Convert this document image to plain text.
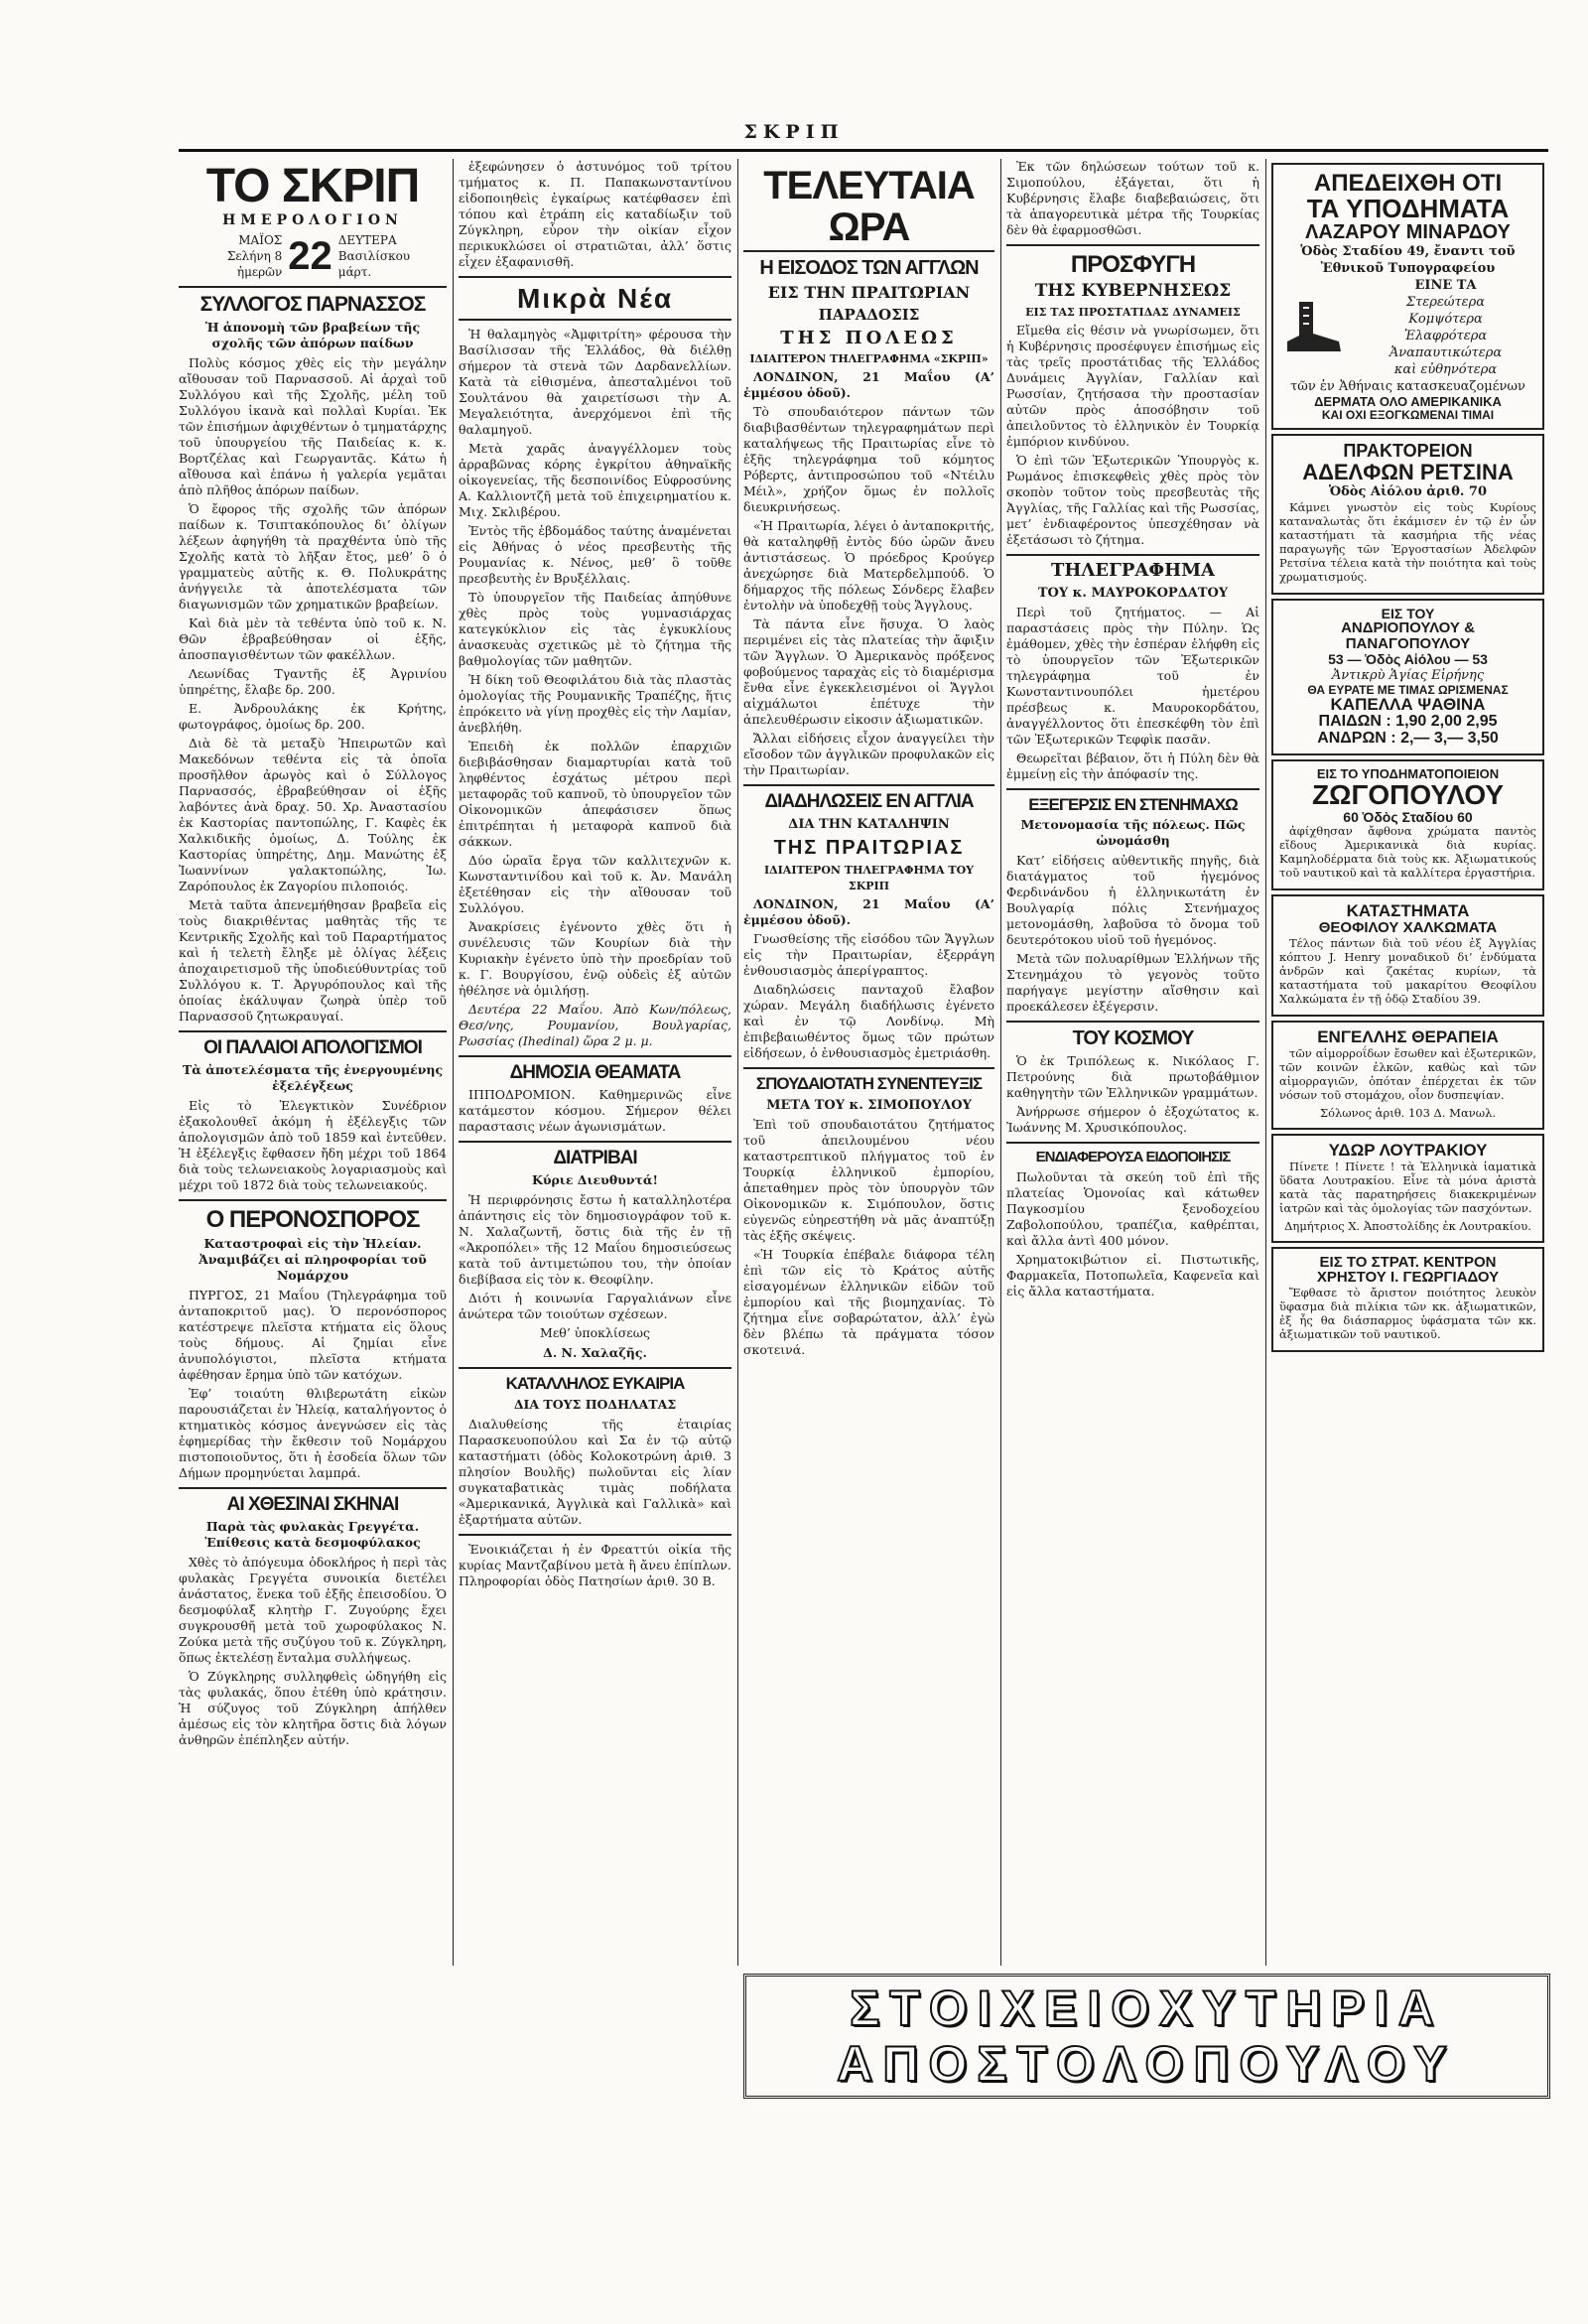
ΣΚΡΙΠ
ΤΟ ΣΚΡΙΠ
ΗΜΕΡΟΛΟΓΙΟΝ
ΜΑΪΟΣ
Σελήνη 8 ἡμερῶν 22 ΔΕΥΤΕΡΑ
Βασιλίσκου μάρτ.
ΣΥΛΛΟΓΟΣ ΠΑΡΝΑΣΣΟΣ
Ἡ ἀπονομὴ τῶν βραβείων τῆς σχολῆς τῶν ἀπόρων παίδων

Πολὺς κόσμος χθὲς εἰς τὴν μεγάλην αἴθουσαν τοῦ Παρνασσοῦ. Αἱ ἀρχαὶ τοῦ Συλλόγου καὶ τῆς Σχολῆς, μέλη τοῦ Συλλόγου ἱκανὰ καὶ πολλαὶ Κυρίαι. Ἐκ τῶν ἐπισήμων ἀφιχθέντων ὁ τμηματάρχης τοῦ ὑπουργείου τῆς Παιδείας κ. κ. Βορτζέλας καὶ Γεωργαντᾶς. Κάτω ἡ αἴθουσα καὶ ἐπάνω ἡ γαλερία γεμᾶται ἀπὸ πλῆθος ἀπόρων παίδων.

Ὁ ἔφορος τῆς σχολῆς τῶν ἀπόρων παίδων κ. Τσιπτακόπουλος δι’ ὀλίγων λέξεων ἀφηγήθη τὰ πραχθέντα ὑπὸ τῆς Σχολῆς κατὰ τὸ λῆξαν ἔτος, μεθ’ ὃ ὁ γραμματεὺς αὐτῆς κ. Θ. Πολυκράτης ἀνήγγειλε τὰ ἀποτελέσματα τῶν διαγωνισμῶν τῶν χρηματικῶν βραβείων.

Καὶ διὰ μὲν τὰ τεθέντα ὑπὸ τοῦ κ. Ν. Θῶν ἐβραβεύθησαν οἱ ἑξῆς, ἀποσπαγισθέντων τῶν φακέλλων.

Λεωνίδας Τγαντῆς ἐξ Ἀγρινίου ὑπηρέτης, ἔλαβε δρ. 200.

Ε. Ἀνδρουλάκης ἐκ Κρήτης, φωτογράφος, ὁμοίως δρ. 200.

Διὰ δὲ τὰ μεταξὺ Ἠπειρωτῶν καὶ Μακεδόνων τεθέντα εἰς τὰ ὁποῖα προσῆλθον ἀρωγὸς καὶ ὁ Σύλλογος Παρνασσός, ἐβραβεύθησαν οἱ ἑξῆς λαβόντες ἀνὰ δραχ. 50. Χρ. Ἀναστασίου ἐκ Καστορίας παντοπώλης, Γ. Καφὲς ἐκ Χαλκιδικῆς ὁμοίως, Δ. Τούλης ἐκ Καστορίας ὑπηρέτης, Δημ. Μανώτης ἐξ Ἰωαννίνων γαλακτοπώλης, Ἰω. Ζαρόπουλος ἐκ Ζαγορίου πιλοποιός.

Μετὰ ταῦτα ἀπενεμήθησαν βραβεῖα εἰς τοὺς διακριθέντας μαθητὰς τῆς τε Κεντρικῆς Σχολῆς καὶ τοῦ Παραρτήματος καὶ ἡ τελετὴ ἔληξε μὲ ὀλίγας λέξεις ἀποχαιρετισμοῦ τῆς ὑποδιεύθυντρίας τοῦ Συλλόγου κ. Τ. Ἀργυρόπουλος καὶ τῆς ὁποίας ἐκάλυψαν ζωηρὰ ὑπὲρ τοῦ Παρνασσοῦ ζητωκραυγαί.

ΟΙ ΠΑΛΑΙΟΙ ΑΠΟΛΟΓΙΣΜΟΙ
Τὰ ἀποτελέσματα τῆς ἐνεργουμένης ἐξελέγξεως

Εἰς τὸ Ἑλεγκτικὸν Συνέδριον ἐξακολουθεῖ ἀκόμη ἡ ἐξέλεγξις τῶν ἀπολογισμῶν ἀπὸ τοῦ 1859 καὶ ἐντεῦθεν. Ἡ ἐξέλεγξις ἔφθασεν ἤδη μέχρι τοῦ 1864 διὰ τοὺς τελωνειακοὺς λογαριασμοὺς καὶ μέχρι τοῦ 1872 διὰ τοὺς τελωνειακούς.

Ο ΠΕΡΟΝΟΣΠΟΡΟΣ
Καταστροφαὶ εἰς τὴν Ἠλείαν. Ἀναμιβάζει αἱ πληροφορίαι τοῦ Νομάρχου

ΠΥΡΓΟΣ, 21 Μαΐου (Τηλεγράφημα τοῦ ἀνταποκριτοῦ μας). Ὁ περονόσπορος κατέστρεψε πλεῖστα κτήματα εἰς ὅλους τοὺς δήμους. Αἱ ζημίαι εἶνε ἀνυπολόγιστοι, πλεῖστα κτήματα ἀφέθησαν ἔρημα ὑπὸ τῶν κατόχων.

Ἐφ’ τοιαύτη θλιβερωτάτη εἰκὼν παρουσιάζεται ἐν Ἠλείᾳ, καταλήγοντος ὁ κτηματικὸς κόσμος ἀνεγνώσεν εἰς τὰς ἐφημερίδας τὴν ἔκθεσιν τοῦ Νομάρχου πιστοποιοῦντος, ὅτι ἡ ἐσοδεία ὅλων τῶν Δήμων προμηνύεται λαμπρά.

ΑΙ ΧΘΕΣΙΝΑΙ ΣΚΗΝΑΙ
Παρὰ τὰς φυλακὰς Γρεγγέτα. Ἐπίθεσις κατὰ δεσμοφύλακος

Χθὲς τὸ ἀπόγευμα ὀδοκλήρος ἡ περὶ τὰς φυλακὰς Γρεγγέτα συνοικία διετέλει ἀνάστατος, ἕνεκα τοῦ ἑξῆς ἐπεισοδίου. Ὁ δεσμοφύλαξ κλητὴρ Γ. Ζυγούρης ἔχει συγκρουσθῆ μετὰ τοῦ χωροφύλακος Ν. Ζούκα μετὰ τῆς συζύγου τοῦ κ. Ζύγκληρη, ὅπως ἐκτελέσῃ ἔνταλμα συλλήψεως.

Ὁ Ζύγκληρης συλληφθεὶς ὡδηγήθη εἰς τὰς φυλακάς, ὅπου ἐτέθη ὑπὸ κράτησιν. Ἡ σύζυγος τοῦ Ζύγκληρη ἀπήλθεν ἀμέσως εἰς τὸν κλητῆρα ὅστις διὰ λόγων ἀνθηρῶν ἐπέπληξεν αὐτήν.

ἐξεφώνησεν ὁ ἀστυνόμος τοῦ τρίτου τμήματος κ. Π. Παπακωνσταντίνου εἰδοποιηθεὶς ἐγκαίρως κατέφθασεν ἐπὶ τόπου καὶ ἐτράπη εἰς καταδίωξιν τοῦ Ζύγκληρη, εὗρον τὴν οἰκίαν εἶχον περικυκλώσει οἱ στρατιῶται, ἀλλ’ ὅστις εἶχεν ἐξαφανισθῆ.

Μικρὰ Νέα

Ἡ θαλαμηγὸς «Ἀμφιτρίτη» φέρουσα τὴν Βασίλισσαν τῆς Ἑλλάδος, θὰ διέλθῃ σήμερον τὰ στενὰ τῶν Δαρδανελλίων. Κατὰ τὰ εἰθισμένα, ἀπεσταλμένοι τοῦ Σουλτάνου θὰ χαιρετίσωσι τὴν Α. Μεγαλειότητα, ἀνερχόμενοι ἐπὶ τῆς θαλαμηγοῦ.

Μετὰ χαρᾶς ἀναγγέλλομεν τοὺς ἀρραβῶνας κόρης ἐγκρίτου ἀθηναϊκῆς οἰκογενείας, τῆς δεσποινίδος Εὐφροσύνης Α. Καλλιοντζῆ μετὰ τοῦ ἐπιχειρηματίου κ. Μιχ. Σκλιβέρου.

Ἐντὸς τῆς ἑβδομάδος ταύτης ἀναμένεται εἰς Ἀθήνας ὁ νέος πρεσβευτὴς τῆς Ρουμανίας κ. Νένος, μεθ’ ὃ τοῦθε πρεσβευτὴς ἐν Βρυξέλλαις.

Τὸ ὑπουργεῖον τῆς Παιδείας ἀπηύθυνε χθὲς πρὸς τοὺς γυμνασιάρχας κατεγκύκλιον εἰς τὰς ἐγκυκλίους ἀνασκευὰς σχετικῶς μὲ τὸ ζήτημα τῆς βαθμολογίας τῶν μαθητῶν.

Ἡ δίκη τοῦ Θεοφιλάτου διὰ τὰς πλαστὰς ὁμολογίας τῆς Ρουμανικῆς Τραπέζης, ἥτις ἐπρόκειτο νὰ γίνῃ προχθὲς εἰς τὴν Λαμίαν, ἀνεβλήθη.

Ἐπειδὴ ἐκ πολλῶν ἐπαρχιῶν διεβιβάσθησαν διαμαρτυρίαι κατὰ τοῦ ληφθέντος ἐσχάτως μέτρου περὶ μεταφορᾶς τοῦ καπνοῦ, τὸ ὑπουργεῖον τῶν Οἰκονομικῶν ἀπεφάσισεν ὅπως ἐπιτρέπηται ἡ μεταφορὰ καπνοῦ διὰ σάκκων.

Δύο ὡραῖα ἔργα τῶν καλλιτεχνῶν κ. Κωνσταντινίδου καὶ τοῦ κ. Ἀν. Μανάλη ἐξετέθησαν εἰς τὴν αἴθουσαν τοῦ Συλλόγου.

Ἀνακρίσεις ἐγένοντο χθὲς ὅτι ἡ συνέλευσις τῶν Κουρίων διὰ τὴν Κυριακὴν ἐγένετο ὑπὸ τὴν προεδρίαν τοῦ κ. Γ. Βουργίσου, ἐνῷ οὐδεὶς ἐξ αὐτῶν ἠθέλησε νὰ ὁμιλήσῃ.

Δευτέρα 22 Μαΐου. Ἀπὸ Κων/πόλεως, Θεσ/νης, Ρουμανίου, Βουλγαρίας, Ρωσσίας (Ihedinal) ὥρα 2 μ. μ.

ΔΗΜΟΣΙΑ ΘΕΑΜΑΤΑ

ΙΠΠΟΔΡΟΜΙΟΝ. Καθημερινῶς εἶνε κατάμεστον κόσμου. Σήμερον θέλει παραστασις νέων ἀγωνισμάτων.

ΔΙΑΤΡΙΒΑΙ
Κύριε Διευθυντά!

Ἡ περιφρόνησις ἔστω ἡ καταλληλοτέρα ἀπάντησις εἰς τὸν δημοσιογράφον τοῦ κ. Ν. Χαλαζωντῆ, ὅστις διὰ τῆς ἐν τῇ «Ἀκροπόλει» τῆς 12 Μαΐου δημοσιεύσεως κατὰ τοῦ ἀντιμετώπου του, τὴν ὁποίαν διεβίβασα εἰς τὸν κ. Θεοφίλην.

Διότι ἡ κοινωνία Γαργαλιάνων εἶνε ἀνώτερα τῶν τοιούτων σχέσεων.

Μεθ’ ὑποκλίσεως
Δ. Ν. Χαλαζῆς.
ΚΑΤΑΛΛΗΛΟΣ ΕΥΚΑΙΡΙΑ
ΔΙΑ ΤΟΥΣ ΠΟΔΗΛΑΤΑΣ

Διαλυθείσης τῆς ἑταιρίας Παρασκευοπούλου καὶ Σα ἐν τῷ αὐτῷ καταστήματι (ὁδὸς Κολοκοτρώνη ἀριθ. 3 πλησίον Βουλῆς) πωλοῦνται εἰς λίαν συγκαταβατικὰς τιμὰς ποδήλατα «Ἀμερικανικά, Ἀγγλικὰ καὶ Γαλλικὰ» καὶ ἐξαρτήματα αὐτῶν.

Ἐνοικιάζεται ἡ ἐν Φρεαττύι οἰκία τῆς κυρίας Μαντζαβίνου μετὰ ἢ ἄνευ ἐπίπλων. Πληροφορίαι ὁδὸς Πατησίων ἀριθ. 30 Β.

ΤΕΛΕΥΤΑΙΑ ΩΡΑ
Η ΕΙΣΟΔΟΣ ΤΩΝ ΑΓΓΛΩΝ
ΕΙΣ ΤΗΝ ΠΡΑΙΤΩΡΙΑΝ
ΠΑΡΑΔΟΣΙΣ
ΤΗΣ ΠΟΛΕΩΣ
ΙΔΙΑΙΤΕΡΟΝ ΤΗΛΕΓΡΑΦΗΜΑ «ΣΚΡΙΠ»

ΛΟΝΔΙΝΟΝ, 21 Μαΐου (Α’ ἐμμέσου ὁδοῦ).

Τὸ σπουδαιότερον πάντων τῶν διαβιβασθέντων τηλεγραφημάτων περὶ καταλήψεως τῆς Πραιτωρίας εἶνε τὸ ἑξῆς τηλεγράφημα τοῦ κόμητος Ρόβερτς, ἀντιπροσώπου τοῦ «Ντέιλυ Μέιλ», χρήζον ὅμως ἐν πολλοῖς διευκρινήσεως.

«Ἡ Πραιτωρία, λέγει ὁ ἀνταποκριτής, θὰ καταληφθῇ ἐντὸς δύο ὡρῶν ἄνευ ἀντιστάσεως. Ὁ πρόεδρος Κρούγερ ἀνεχώρησε διὰ Ματερδελμπούδ. Ὁ δήμαρχος τῆς πόλεως Σόνδερς ἔλαβεν ἐντολὴν νὰ ὑποδεχθῇ τοὺς Ἄγγλους.

Τὰ πάντα εἶνε ἥσυχα. Ὁ λαὸς περιμένει εἰς τὰς πλατείας τὴν ἄφιξιν τῶν Ἄγγλων. Ὁ Ἀμερικανὸς πρόξενος φοβούμενος ταραχὰς εἰς τὸ διαμέρισμα ἔνθα εἶνε ἐγκεκλεισμένοι οἱ Ἄγγλοι αἰχμάλωτοι ἐπέτυχε τὴν ἀπελευθέρωσιν εἰκοσιν ἀξιωματικῶν.

Ἄλλαι εἰδήσεις εἶχον ἀναγγείλει τὴν εἴσοδον τῶν ἀγγλικῶν προφυλακῶν εἰς τὴν Πραιτωρίαν.

ΔΙΑΔΗΛΩΣΕΙΣ ΕΝ ΑΓΓΛΙΑ
ΔΙΑ ΤΗΝ ΚΑΤΑΛΗΨΙΝ
ΤΗΣ ΠΡΑΙΤΩΡΙΑΣ
ΙΔΙΑΙΤΕΡΟΝ ΤΗΛΕΓΡΑΦΗΜΑ ΤΟΥ ΣΚΡΙΠ

ΛΟΝΔΙΝΟΝ, 21 Μαΐου (Α’ ἐμμέσου ὁδοῦ).

Γνωσθείσης τῆς εἰσόδου τῶν Ἄγγλων εἰς τὴν Πραιτωρίαν, ἐξερράγη ἐνθουσιασμὸς ἀπερίγραπτος.

Διαδηλώσεις πανταχοῦ ἔλαβον χώραν. Μεγάλη διαδήλωσις ἐγένετο καὶ ἐν τῷ Λονδίνῳ. Μὴ ἐπιβεβαιωθέντος ὅμως τῶν πρώτων εἰδήσεων, ὁ ἐνθουσιασμὸς ἐμετριάσθη.

ΣΠΟΥΔΑΙΟΤΑΤΗ ΣΥΝΕΝΤΕΥΞΙΣ
ΜΕΤΑ ΤΟΥ κ. ΣΙΜΟΠΟΥΛΟΥ

Ἐπὶ τοῦ σπουδαιοτάτου ζητήματος τοῦ ἀπειλουμένου νέου καταστρεπτικοῦ πλήγματος τοῦ ἐν Τουρκίᾳ ἑλληνικοῦ ἐμπορίου, ἀπεταθημεν πρὸς τὸν ὑπουργὸν τῶν Οἰκονομικῶν κ. Σιμόπουλον, ὅστις εὐγενῶς εὐηρεστήθη νὰ μᾶς ἀναπτύξῃ τὰς ἑξῆς σκέψεις.

«Ἡ Τουρκία ἐπέβαλε διάφορα τέλη ἐπὶ τῶν εἰς τὸ Κράτος αὐτῆς εἰσαγομένων ἑλληνικῶν εἰδῶν τοῦ ἐμπορίου καὶ τῆς βιομηχανίας. Τὸ ζήτημα εἶνε σοβαρώτατον, ἀλλ’ ἐγὼ δὲν βλέπω τὰ πράγματα τόσον σκοτεινά.

Ἐκ τῶν δηλώσεων τούτων τοῦ κ. Σιμοπούλου, ἐξάγεται, ὅτι ἡ Κυβέρνησις ἔλαβε διαβεβαιώσεις, ὅτι τὰ ἀπαγορευτικὰ μέτρα τῆς Τουρκίας δὲν θὰ ἐφαρμοσθῶσι.

ΠΡΟΣΦΥΓΗ
ΤΗΣ ΚΥΒΕΡΝΗΣΕΩΣ
ΕΙΣ ΤΑΣ ΠΡΟΣΤΑΤΙΔΑΣ ΔΥΝΑΜΕΙΣ

Εἴμεθα εἰς θέσιν νὰ γνωρίσωμεν, ὅτι ἡ Κυβέρνησις προσέφυγεν ἐπισήμως εἰς τὰς τρεῖς προστάτιδας τῆς Ἑλλάδος Δυνάμεις Ἀγγλίαν, Γαλλίαν καὶ Ρωσσίαν, ζητήσασα τὴν προστασίαν αὐτῶν πρὸς ἀποσόβησιν τοῦ ἀπειλοῦντος τὸ ἑλληνικὸν ἐν Τουρκίᾳ ἐμπόριον κινδύνου.

Ὁ ἐπὶ τῶν Ἐξωτερικῶν Ὑπουργὸς κ. Ρωμάνος ἐπισκεφθεὶς χθὲς πρὸς τὸν σκοπὸν τοῦτον τοὺς πρεσβευτὰς τῆς Ἀγγλίας, τῆς Γαλλίας καὶ τῆς Ρωσσίας, μετ’ ἐνδιαφέροντος ὑπεσχέθησαν νὰ ἐξετάσωσι τὸ ζήτημα.

ΤΗΛΕΓΡΑΦΗΜΑ
ΤΟΥ κ. ΜΑΥΡΟΚΟΡΔΑΤΟΥ

Περὶ τοῦ ζητήματος. — Αἱ παραστάσεις πρὸς τὴν Πύλην. Ὡς ἐμάθομεν, χθὲς τὴν ἑσπέραν ἐλήφθη εἰς τὸ ὑπουργεῖον τῶν Ἐξωτερικῶν τηλεγράφημα τοῦ ἐν Κωνσταντινουπόλει ἡμετέρου πρέσβεως κ. Μαυροκορδάτου, ἀναγγέλλοντος ὅτι ἐπεσκέφθη τὸν ἐπὶ τῶν Ἐξωτερικῶν Τεφφὶκ πασᾶν.

Θεωρεῖται βέβαιον, ὅτι ἡ Πύλη δὲν θὰ ἐμμείνῃ εἰς τὴν ἀπόφασίν της.

ΕΞΕΓΕΡΣΙΣ ΕΝ ΣΤΕΝΗΜΑΧΩ
Μετονομασία τῆς πόλεως. Πῶς ὠνομάσθη

Κατ’ εἰδήσεις αὐθεντικῆς πηγῆς, διὰ διατάγματος τοῦ ἡγεμόνος Φερδινάνδου ἡ ἑλληνικωτάτη ἐν Βουλγαρίᾳ πόλις Στενήμαχος μετονομάσθη, λαβοῦσα τὸ ὄνομα τοῦ δευτερότοκου υἱοῦ τοῦ ἡγεμόνος.

Μετὰ τῶν πολυαρίθμων Ἑλλήνων τῆς Στενημάχου τὸ γεγονὸς τοῦτο παρήγαγε μεγίστην αἴσθησιν καὶ προεκάλεσεν ἐξέγερσιν.

ΤΟΥ ΚΟΣΜΟΥ

Ὁ ἐκ Τριπόλεως κ. Νικόλαος Γ. Πετρούνης διὰ πρωτοβάθμιον καθηγητὴν τῶν Ἑλληνικῶν γραμμάτων.

Ἀνήρρωσε σήμερον ὁ ἐξοχώτατος κ. Ἰωάννης Μ. Χρυσικόπουλος.

ΕΝΔΙΑΦΕΡΟΥΣΑ ΕΙΔΟΠΟΙΗΣΙΣ

Πωλοῦνται τὰ σκεύη τοῦ ἐπὶ τῆς πλατείας Ὁμονοίας καὶ κάτωθεν Παγκοσμίου ξενοδοχείου Ζαβολοπούλου, τραπέζια, καθρέπται, καὶ ἄλλα ἀντὶ 400 μόνον.

Χρηματοκιβώτιον εἰ. Πιστωτικῆς, Φαρμακεῖα, Ποτοπωλεῖα, Καφενεῖα καὶ εἰς ἄλλα καταστήματα.

ΑΠΕΔΕΙΧΘΗ ΟΤΙ
ΤΑ ΥΠΟΔΗΜΑΤΑ
ΛΑΖΑΡΟΥ ΜΙΝΑΡΔΟΥ
Ὁδὸς Σταδίου 49, ἔναντι τοῦ Ἐθνικοῦ Τυπογραφείου
ΕΙΝΕ ΤΑ
Στερεώτερα
Κομψότερα
Ἐλαφρότερα
Ἀναπαυτικώτερα
καὶ εὐθηνότερα
τῶν ἐν Ἀθήναις κατασκευαζομένων
ΔΕΡΜΑΤΑ ΟΛΟ ΑΜΕΡΙΚΑΝΙΚΑ
ΚΑΙ ΟΧΙ ΕΞΟΓΚΩΜΕΝΑΙ ΤΙΜΑΙ
ΠΡΑΚΤΟΡΕΙΟΝ
ΑΔΕΛΦΩΝ ΡΕΤΣΙΝΑ
Ὁδὸς Αἰόλου ἀριθ. 70

Κάμνει γνωστὸν εἰς τοὺς Κυρίους καταναλωτὰς ὅτι ἐκάμισεν ἐν τῷ ἐν ὧν καταστήματι τὰ κασμήρια τῆς νέας παραγωγῆς τῶν Ἐργοστασίων Ἀδελφῶν Ρετσίνα τέλεια κατὰ τὴν ποιότητα καὶ τοὺς χρωματισμούς.

ΕΙΣ ΤΟΥ
ΑΝΔΡΙΟΠΟΥΛΟΥ & ΠΑΝΑΓΟΠΟΥΛΟΥ
53 — Ὁδὸς Αἰόλου — 53
Ἀντικρὺ Ἁγίας Εἰρήνης
ΘΑ ΕΥΡΑΤΕ ΜΕ ΤΙΜΑΣ ΩΡΙΣΜΕΝΑΣ
ΚΑΠΕΛΛΑ ΨΑΘΙΝΑ
ΠΑΙΔΩΝ : 1,90 2,00 2,95
ΑΝΔΡΩΝ : 2,— 3,— 3,50
ΕΙΣ ΤΟ ΥΠΟΔΗΜΑΤΟΠΟΙΕΙΟΝ
ΖΩΓΟΠΟΥΛΟΥ
60 Ὁδὸς Σταδίου 60

ἀφίχθησαν ἄφθονα χρώματα παντὸς εἴδους Ἀμερικανικὰ διὰ κυρίας. Καμηλοδέρματα διὰ τοὺς κκ. Ἀξιωματικούς τοῦ ναυτικοῦ καὶ τὰ καλλίτερα ἐργαστήρια.

ΚΑΤΑΣΤΗΜΑΤΑ
ΘΕΟΦΙΛΟΥ ΧΑΛΚΩΜΑΤΑ

Τέλος πάντων διὰ τοῦ νέου ἐξ Ἀγγλίας κόπτου J. Henry μοναδικοῦ δι’ ἐνδύματα ἀνδρῶν καὶ ζακέτας κυρίων, τὰ καταστήματα τοῦ μακαρίτου Θεοφίλου Χαλκώματα ἐν τῇ ὁδῷ Σταδίου 39.

ΕΝΓΕΛΛΗΣ ΘΕΡΑΠΕΙΑ

τῶν αἱμορροΐδων ἔσωθεν καὶ ἐξωτερικῶν, τῶν κοινῶν ἐλκῶν, καθὼς καὶ τῶν αἰμορραγιῶν, ὁπόταν ἐπέρχεται ἐκ τῶν νόσων τοῦ στομάχου, οἷον δυσπεψίαν.

Σόλωνος ἀριθ. 103 Δ. Μανωλ.
ΥΔΩΡ ΛΟΥΤΡΑΚΙΟΥ

Πίνετε ! Πίνετε ! τὰ Ἑλληνικὰ ἰαματικὰ ὕδατα Λουτρακίου. Εἶνε τὰ μόνα ἀριστὰ κατὰ τὰς παρατηρήσεις διακεκριμένων ἰατρῶν καὶ τὰς ὁμολογίας τῶν πασχόντων.

Δημήτριος Χ. Ἀποστολίδης ἐκ Λουτρακίου.
ΕΙΣ ΤΟ ΣΤΡΑΤ. ΚΕΝΤΡΟΝ
ΧΡΗΣΤΟΥ Ι. ΓΕΩΡΓΙΑΔΟΥ

Ἔφθασε τὸ ἄριστον ποιότητος λευκὸν ὕφασμα διὰ πιλίκια τῶν κκ. ἀξιωματικῶν, ἐξ ἧς θα διάσπαρμος ὑφάσματα τῶν κκ. ἀξιωματικῶν τοῦ ναυτικοῦ.

ΣΤΟΙΧΕΙΟΧΥΤΗΡΙΑ
ΑΠΟΣΤΟΛΟΠΟΥΛΟΥ
